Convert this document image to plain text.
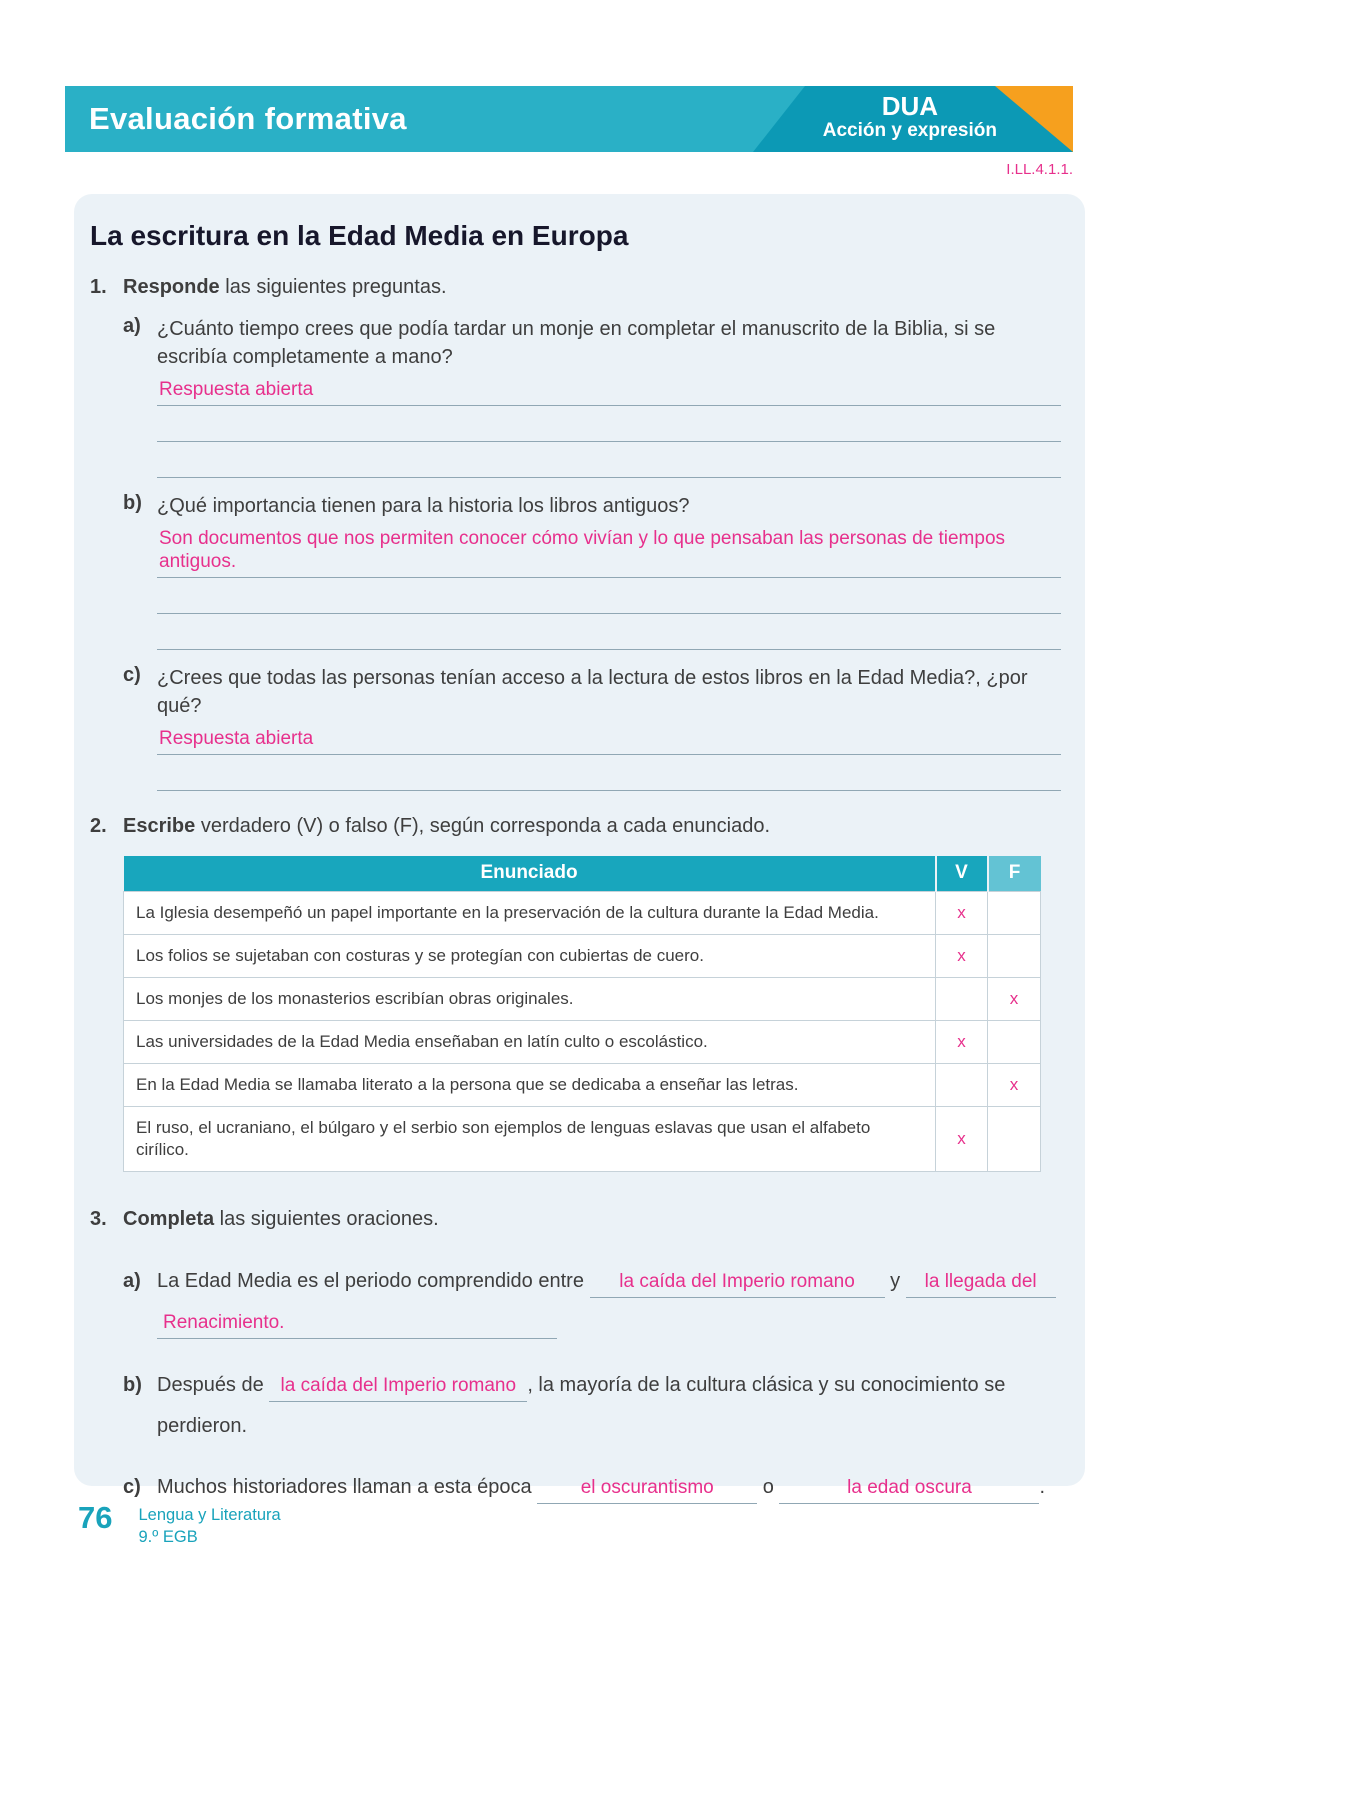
Evaluación formativa	DUA
Acción y expresión
I.LL.4.1.1.
La escritura en la Edad Media en Europa
1. Responde las siguientes preguntas.

a) ¿Cuánto tiempo crees que podía tardar un monje en completar el manuscrito de la Biblia, si se escribía completamente a mano?

Respuesta abierta
b) ¿Qué importancia tienen para la historia los libros antiguos?

Son documentos que nos permiten conocer cómo vivían y lo que pensaban las personas de tiempos antiguos.
c) ¿Crees que todas las personas tenían acceso a la lectura de estos libros en la Edad Media?, ¿por qué?

Respuesta abierta
2. Escribe verdadero (V) o falso (F), según corresponda a cada enunciado.

Enunciado	V	F
La Iglesia desempeñó un papel importante en la preservación de la cultura durante la Edad Media.	x	
Los folios se sujetaban con costuras y se protegían con cubiertas de cuero.	x	
Los monjes de los monasterios escribían obras originales.		x
Las universidades de la Edad Media enseñaban en latín culto o escolástico.	x	
En la Edad Media se llamaba literato a la persona que se dedicaba a enseñar las letras.		x
El ruso, el ucraniano, el búlgaro y el serbio son ejemplos de lenguas eslavas que usan el alfabeto cirílico.	x	
3. Completa las siguientes oraciones.

a) La Edad Media es el periodo comprendido entre la caída del Imperio romano y la llegada del
Renacimiento.
b) Después de la caída del Imperio romano , la mayoría de la cultura clásica y su conocimiento se perdieron.
c) Muchos historiadores llaman a esta época	el oscurantismo o	la edad oscura	.
76 Lengua y Literatura
9.º EGB
